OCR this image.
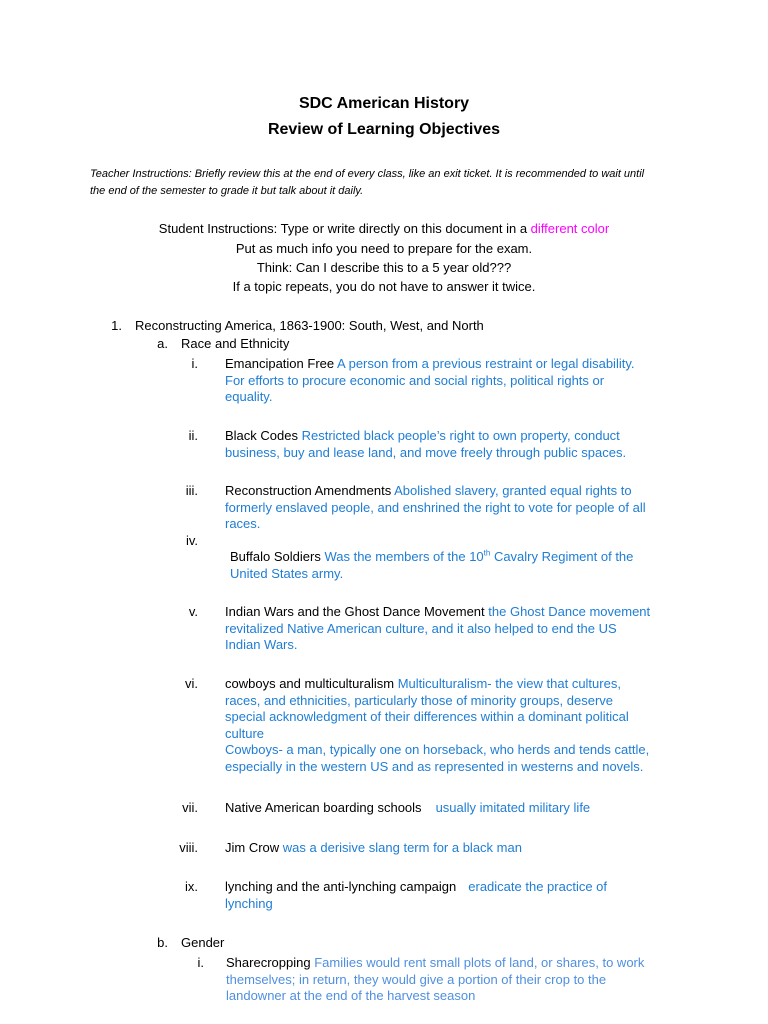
SDC American History
Review of Learning Objectives
Teacher Instructions: Briefly review this at the end of every class, like an exit ticket. It is recommended to wait until
the end of the semester to grade it but talk about it daily.
Student Instructions: Type or write directly on this document in a different color
Put as much info you need to prepare for the exam.
Think: Can I describe this to a 5 year old???
If a topic repeats, you do not have to answer it twice.
1. Reconstructing America, 1863-1900: South, West, and North
a. Race and Ethnicity
i. Emancipation Free A person from a previous restraint or legal disability.
For efforts to procure economic and social rights, political rights or
equality.
ii. Black Codes Restricted black people’s right to own property, conduct
business, buy and lease land, and move freely through public spaces.
iii. Reconstruction Amendments Abolished slavery, granted equal rights to
formerly enslaved people, and enshrined the right to vote for people of all
races.
iv.
Buffalo Soldiers Was the members of the 10th Cavalry Regiment of the
United States army.
v. Indian Wars and the Ghost Dance Movement the Ghost Dance movement
revitalized Native American culture, and it also helped to end the US
Indian Wars.
vi. cowboys and multiculturalism Multiculturalism- the view that cultures,
races, and ethnicities, particularly those of minority groups, deserve
special acknowledgment of their differences within a dominant political
culture
Cowboys- a man, typically one on horseback, who herds and tends cattle,
especially in the western US and as represented in westerns and novels.
vii. Native American boarding schools usually imitated military life
viii. Jim Crow was a derisive slang term for a black man
ix. lynching and the anti-lynching campaign eradicate the practice of
lynching
b. Gender
i. Sharecropping Families would rent small plots of land, or shares, to work
themselves; in return, they would give a portion of their crop to the
landowner at the end of the harvest season
